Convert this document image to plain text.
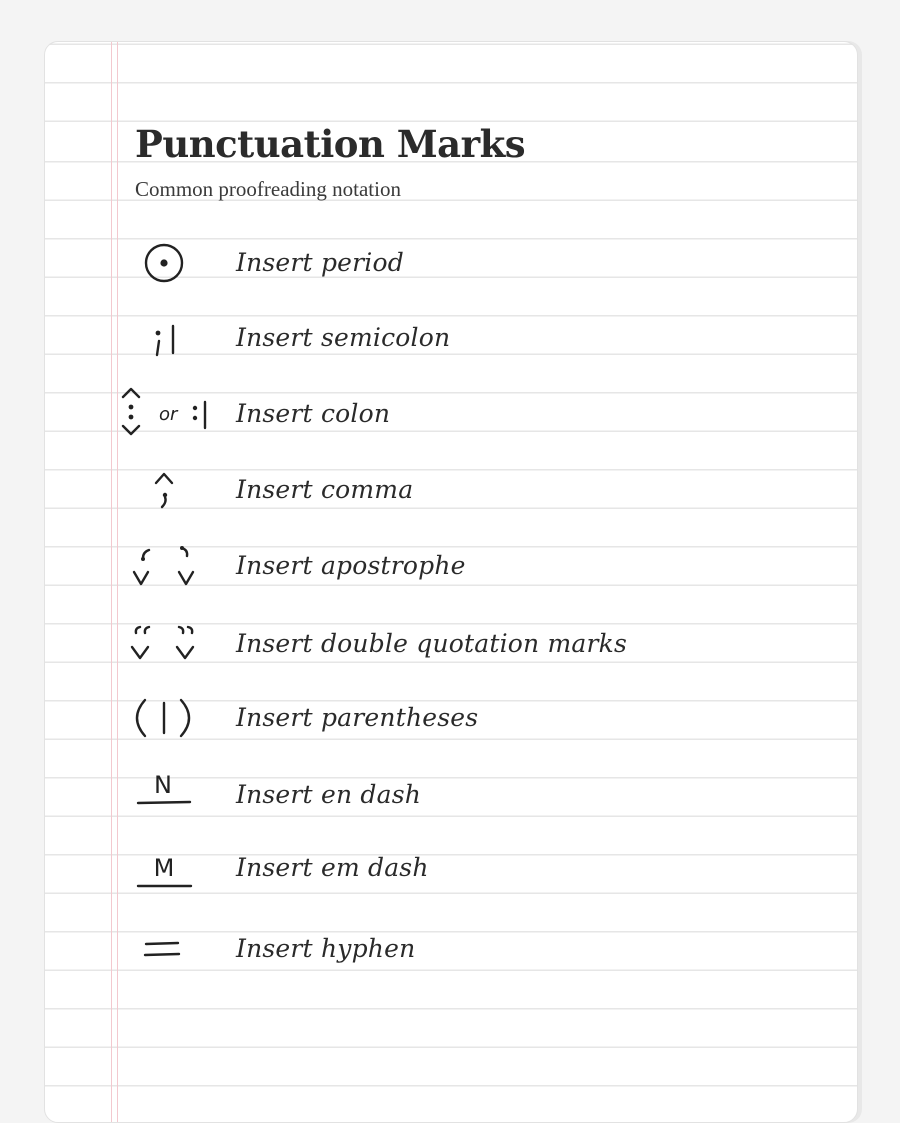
Punctuation Marks
Common proofreading notation
Insert period
Insert semicolon
or Insert colon
Insert comma
Insert apostrophe
Insert double quotation marks
Insert parentheses
N	Insert en dash
M Insert em dash
Insert hyphen
